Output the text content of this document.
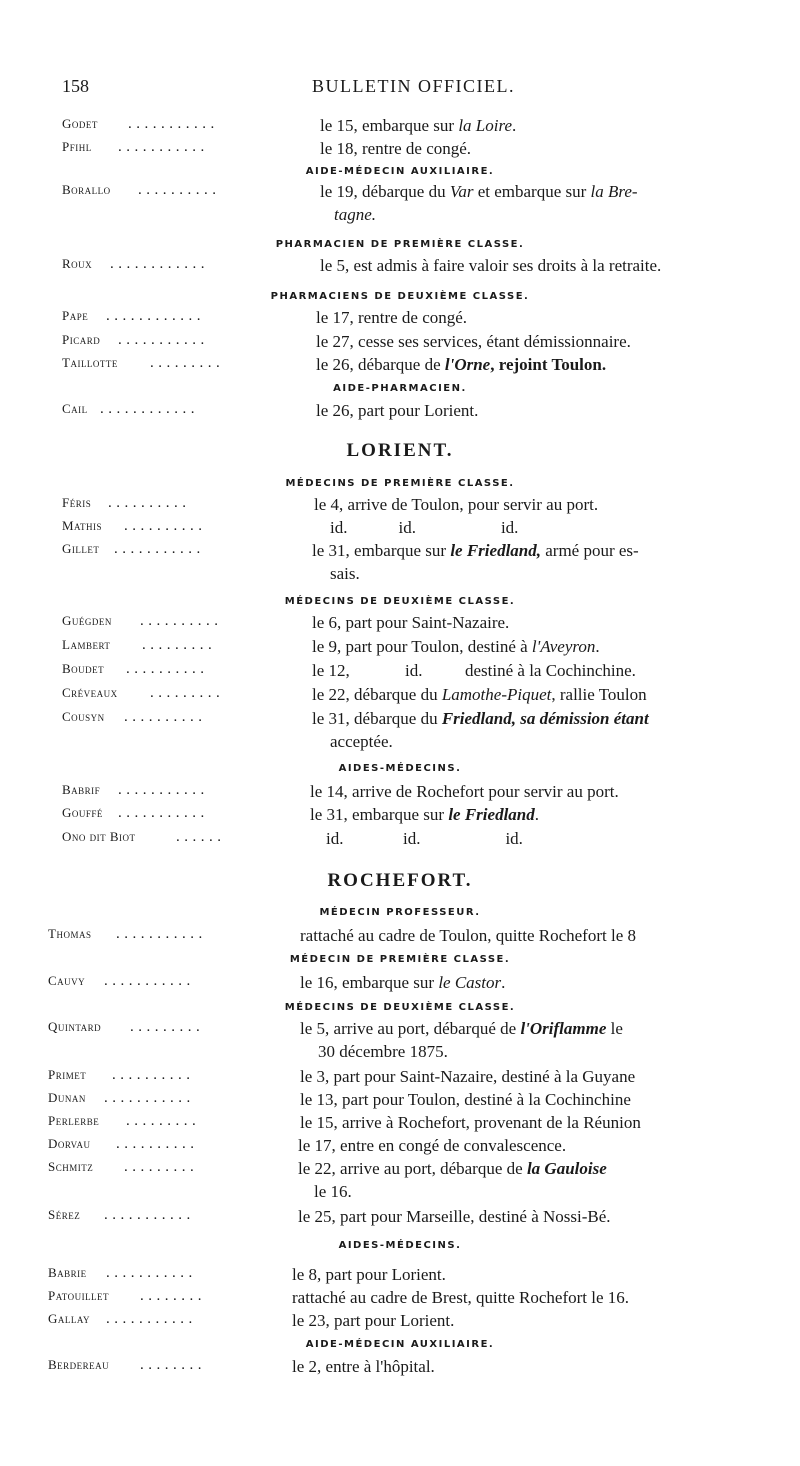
158	BULLETIN OFFICIEL.
Godet ...........	le 15, embarque sur la Loire.
Pfihl ...........	le 18, rentre de congé.
AIDE-MÉDECIN AUXILIAIRE.
Borallo ..........	le 19, débarque du Var et embarque sur la Bre-
tagne.
PHARMACIEN DE PREMIÈRE CLASSE.
Roux ............	le 5, est admis à faire valoir ses droits à la retraite.
PHARMACIENS DE DEUXIÈME CLASSE.
Pape ............	le 17, rentre de congé.
Picard ...........	le 27, cesse ses services, étant démissionnaire.
Taillotte .........	le 26, débarque de l'Orne, rejoint Toulon.
AIDE-PHARMACIEN.
Cail ............	le 26, part pour Lorient.
LORIENT.
MÉDECINS DE PREMIÈRE CLASSE.
Féris ..........	le 4, arrive de Toulon, pour servir au port.
Mathis ..........	id.            id.                    id.
Gillet ...........	le 31, embarque sur le Friedland, armé pour es-
sais.
MÉDECINS DE DEUXIÈME CLASSE.
Guégden ..........	le 6, part pour Saint-Nazaire.
Lambert .........	le 9, part pour Toulon, destiné à l'Aveyron.
Boudet ..........	le 12,             id.          destiné à la Cochinchine.
Créveaux .........	le 22, débarque du Lamothe-Piquet, rallie Toulon
Cousyn ..........	le 31, débarque du Friedland, sa démission étant
acceptée.
AIDES-MÉDECINS.
Babrif ...........	le 14, arrive de Rochefort pour servir au port.
Gouffé ...........	le 31, embarque sur le Friedland.
Ono dit Biot	......	id.              id.                    id.
ROCHEFORT.
MÉDECIN PROFESSEUR.
Thomas ...........	rattaché au cadre de Toulon, quitte Rochefort le 8
MÉDECIN DE PREMIÈRE CLASSE.
Cauvy ...........	le 16, embarque sur le Castor.
MÉDECINS DE DEUXIÈME CLASSE.
Quintard .........	le 5, arrive au port, débarqué de l'Oriflamme le
30 décembre 1875.
Primet ..........	le 3, part pour Saint-Nazaire, destiné à la Guyane
Dunan ...........	le 13, part pour Toulon, destiné à la Cochinchine
Perlerbe .........	le 15, arrive à Rochefort, provenant de la Réunion
Dorvau ..........	le 17, entre en congé de convalescence.
Schmitz .........	le 22, arrive au port, débarque de la Gauloise
le 16.
Sérez ...........	le 25, part pour Marseille, destiné à Nossi-Bé.
AIDES-MÉDECINS.
Babrie ...........	le 8, part pour Lorient.
Patouillet ........	rattaché au cadre de Brest, quitte Rochefort le 16.
Gallay ...........	le 23, part pour Lorient.
AIDE-MÉDECIN AUXILIAIRE.
Berdereau ........	le 2, entre à l'hôpital.
